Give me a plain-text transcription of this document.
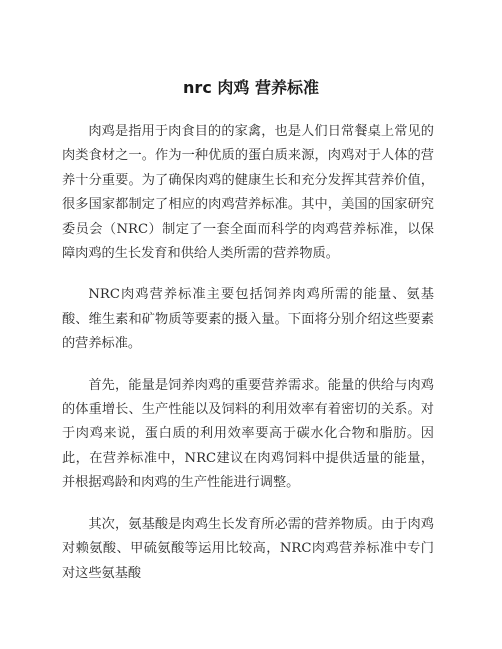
nrc 肉鸡 营养标准

肉鸡是指用于肉食目的的家禽，也是人们日常餐桌上常见的肉类食材之一。作为一种优质的蛋白质来源，肉鸡对于人体的营养十分重要。为了确保肉鸡的健康生长和充分发挥其营养价值，很多国家都制定了相应的肉鸡营养标准。其中，美国的国家研究委员会（NRC）制定了一套全面而科学的肉鸡营养标准，以保障肉鸡的生长发育和供给人类所需的营养物质。

NRC肉鸡营养标准主要包括饲养肉鸡所需的能量、氨基酸、维生素和矿物质等要素的摄入量。下面将分别介绍这些要素的营养标准。

首先，能量是饲养肉鸡的重要营养需求。能量的供给与肉鸡的体重增长、生产性能以及饲料的利用效率有着密切的关系。对于肉鸡来说，蛋白质的利用效率要高于碳水化合物和脂肪。因此，在营养标准中，NRC建议在肉鸡饲料中提供适量的能量，并根据鸡龄和肉鸡的生产性能进行调整。

其次，氨基酸是肉鸡生长发育所必需的营养物质。由于肉鸡对赖氨酸、甲硫氨酸等运用比较高，NRC肉鸡营养标准中专门对这些氨基酸
